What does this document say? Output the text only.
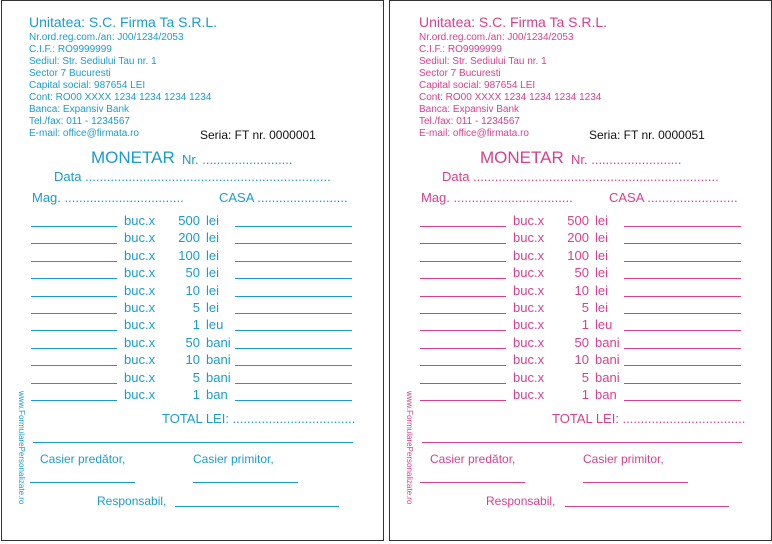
Unitatea: S.C. Firma Ta S.R.L.
Nr.ord.reg.com./an: J00/1234/2053
C.I.F.: RO9999999
Sediul: Str. Sediului Tau nr. 1
Sector 7 Bucuresti
Capital social: 987654 LEI
Cont: RO00 XXXX 1234 1234 1234 1234
Banca: Expansiv Bank
Tel./fax: 011 - 1234567
E-mail: office@firmata.ro	Seria: FT nr. 0000001
MONETAR Nr. .........................
Data ....................................................................
Mag. .................................	CASA .........................
buc.x	500 lei
buc.x	200 lei
buc.x	100 lei
buc.x	50 lei
buc.x	10 lei
buc.x	5 lei
buc.x	1 leu
buc.x	50 bani
buc.x	10 bani
buc.x	5 bani
buc.x	1 ban
TOTAL LEI: ..................................
Casier predător,	Casier primitor,
Responsabil,
www.FormularePersonalizate.ro
Unitatea: S.C. Firma Ta S.R.L.
Nr.ord.reg.com./an: J00/1234/2053
C.I.F.: RO9999999
Sediul: Str. Sediului Tau nr. 1
Sector 7 Bucuresti
Capital social: 987654 LEI
Cont: RO00 XXXX 1234 1234 1234 1234
Banca: Expansiv Bank
Tel./fax: 011 - 1234567
E-mail: office@firmata.ro	Seria: FT nr. 0000051
MONETAR Nr. .........................
Data ....................................................................
Mag. .................................	CASA .........................
buc.x	500 lei
buc.x	200 lei
buc.x	100 lei
buc.x	50 lei
buc.x	10 lei
buc.x	5 lei
buc.x	1 leu
buc.x	50 bani
buc.x	10 bani
buc.x	5 bani
buc.x	1 ban
TOTAL LEI: ..................................
Casier predător,	Casier primitor,
Responsabil,
www.FormularePersonalizate.ro
